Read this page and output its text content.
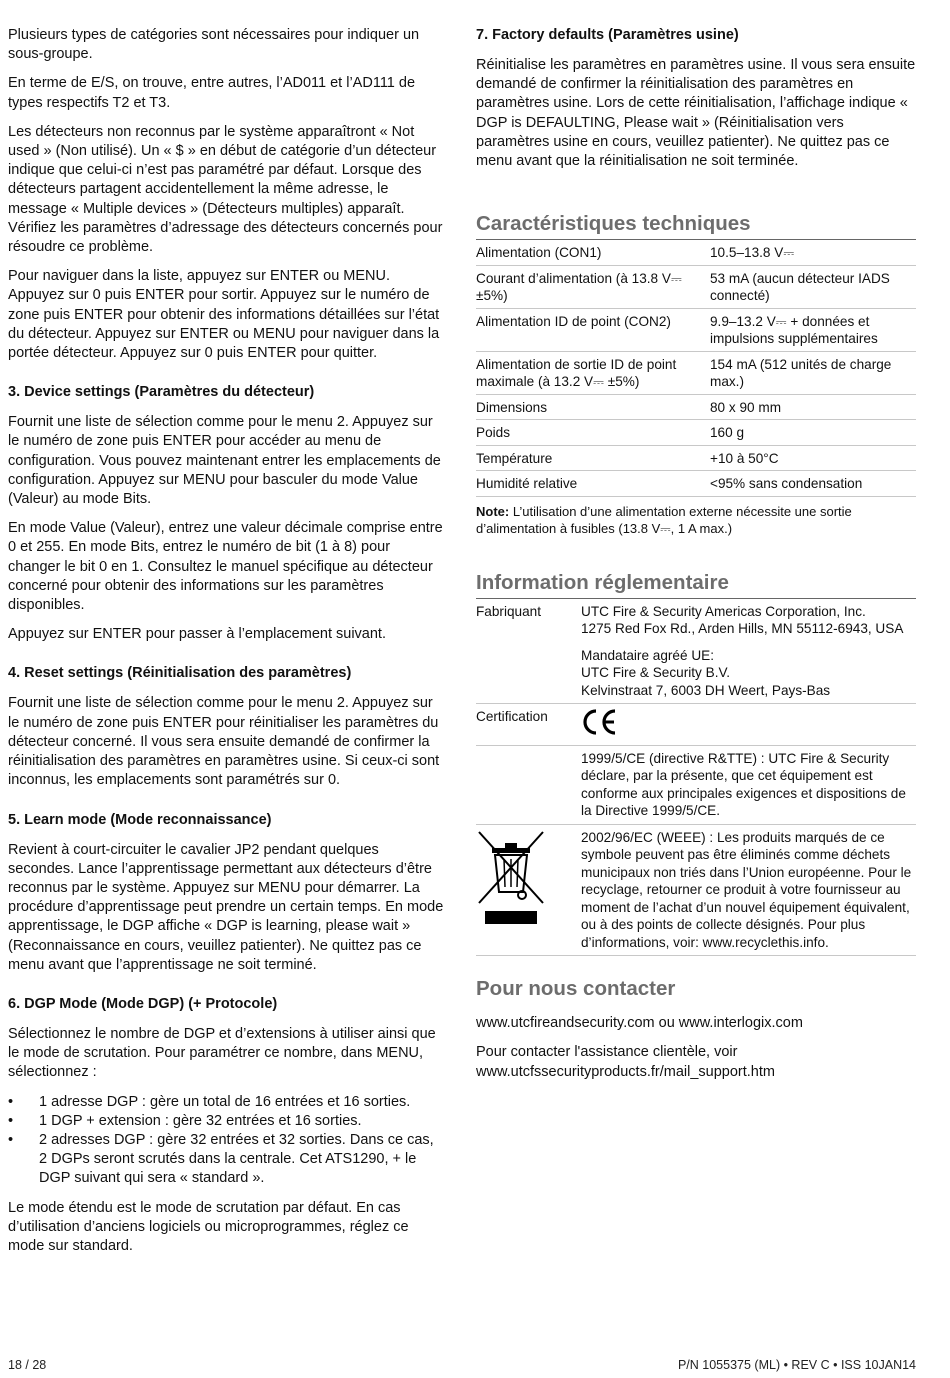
Plusieurs types de catégories sont nécessaires pour indiquer un sous-groupe.

En terme de E/S, on trouve, entre autres, l’AD011 et l’AD111 de types respectifs T2 et T3.

Les détecteurs non reconnus par le système apparaîtront « Not used » (Non utilisé). Un « $ » en début de catégorie d’un détecteur indique que celui-ci n’est pas paramétré par défaut. Lorsque des détecteurs partagent accidentellement la même adresse, le message « Multiple devices » (Détecteurs multiples) apparaît. Vérifiez les paramètres d’adressage des détecteurs concernés pour résoudre ce problème.

Pour naviguer dans la liste, appuyez sur ENTER ou MENU. Appuyez sur 0 puis ENTER pour sortir. Appuyez sur le numéro de zone puis ENTER pour obtenir des informations détaillées sur l’état du détecteur. Appuyez sur ENTER ou MENU pour naviguer dans la portée détecteur. Appuyez sur 0 puis ENTER pour quitter.

3. Device settings (Paramètres du détecteur)

Fournit une liste de sélection comme pour le menu 2. Appuyez sur le numéro de zone puis ENTER pour accéder au menu de configuration. Vous pouvez maintenant entrer les emplacements de configuration. Appuyez sur MENU pour basculer du mode Value (Valeur) au mode Bits.

En mode Value (Valeur), entrez une valeur décimale comprise entre 0 et 255. En mode Bits, entrez le numéro de bit (1 à 8) pour changer le bit 0 en 1. Consultez le manuel spécifique au détecteur concerné pour obtenir des informations sur les paramètres disponibles.

Appuyez sur ENTER pour passer à l’emplacement suivant.

4. Reset settings (Réinitialisation des paramètres)

Fournit une liste de sélection comme pour le menu 2. Appuyez sur le numéro de zone puis ENTER pour réinitialiser les paramètres du détecteur concerné. Il vous sera ensuite demandé de confirmer la réinitialisation des paramètres en paramètres usine. Si ceux-ci sont inconnus, les emplacements sont paramétrés sur 0.

5. Learn mode (Mode reconnaissance)

Revient à court-circuiter le cavalier JP2 pendant quelques secondes. Lance l’apprentissage permettant aux détecteurs d’être reconnus par le système. Appuyez sur MENU pour démarrer. La procédure d’apprentissage peut prendre un certain temps. En mode apprentissage, le DGP affiche « DGP is learning, please wait » (Reconnaissance en cours, veuillez patienter). Ne quittez pas ce menu avant que l’apprentissage ne soit terminé.

6. DGP Mode (Mode DGP) (+ Protocole)

Sélectionnez le nombre de DGP et d’extensions à utiliser ainsi que le mode de scrutation. Pour paramétrer ce nombre, dans MENU, sélectionnez :

• 1 adresse DGP : gère un total de 16 entrées et 16 sorties.
• 1 DGP + extension : gère 32 entrées et 16 sorties.
• 2 adresses DGP : gère 32 entrées et 32 sorties. Dans ce cas, 2 DGPs seront scrutés dans la centrale. Cet ATS1290, + le DGP suivant qui sera « standard ».

Le mode étendu est le mode de scrutation par défaut. En cas d’utilisation d’anciens logiciels ou microprogrammes, réglez ce mode sur standard.

7. Factory defaults (Paramètres usine)

Réinitialise les paramètres en paramètres usine. Il vous sera ensuite demandé de confirmer la réinitialisation des paramètres en paramètres usine. Lors de cette réinitialisation, l’affichage indique « DGP is DEFAULTING, Please wait » (Réinitialisation vers paramètres usine en cours, veuillez patienter). Ne quittez pas ce menu avant que la réinitialisation ne soit terminée.

Caractéristiques techniques
Alimentation (CON1)	10.5–13.8 V⎓
Courant d’alimentation (à 13.8 V⎓ ±5%)	53 mA (aucun détecteur IADS connecté)
Alimentation ID de point (CON2)	9.9–13.2 V⎓ + données et impulsions supplémentaires
Alimentation de sortie ID de point maximale (à 13.2 V⎓ ±5%)	154 mA (512 unités de charge max.)
Dimensions	80 x 90 mm
Poids	160 g
Température	+10 à 50°C
Humidité relative	<95% sans condensation

Note: L’utilisation d’une alimentation externe nécessite une sortie d’alimentation à fusibles (13.8 V⎓, 1 A max.)

Information réglementaire
Fabriquant	UTC Fire & Security Americas Corporation, Inc.
1275 Red Fox Rd., Arden Hills, MN 55112-6943, USA
Mandataire agréé UE:
UTC Fire & Security B.V.
Kelvinstraat 7, 6003 DH Weert, Pays-Bas

Certification	
	1999/5/CE (directive R&TTE) : UTC Fire & Security déclare, par la présente, que cet équipement est conforme aux principales exigences et dispositions de la Directive 1999/5/CE.
	2002/96/EC (WEEE) : Les produits marqués de ce symbole peuvent pas être éliminés comme déchets municipaux non triés dans l’Union européenne. Pour le recyclage, retourner ce produit à votre fournisseur au moment de l’achat d’un nouvel équipement équivalent, ou à des points de collecte désignés. Pour plus d’informations, voir: www.recyclethis.info.
Pour nous contacter

www.utcfireandsecurity.com ou www.interlogix.com

Pour contacter l'assistance clientèle, voir www.utcfssecurityproducts.fr/mail_support.htm

18 / 28	P/N 1055375 (ML) • REV C • ISS 10JAN14
